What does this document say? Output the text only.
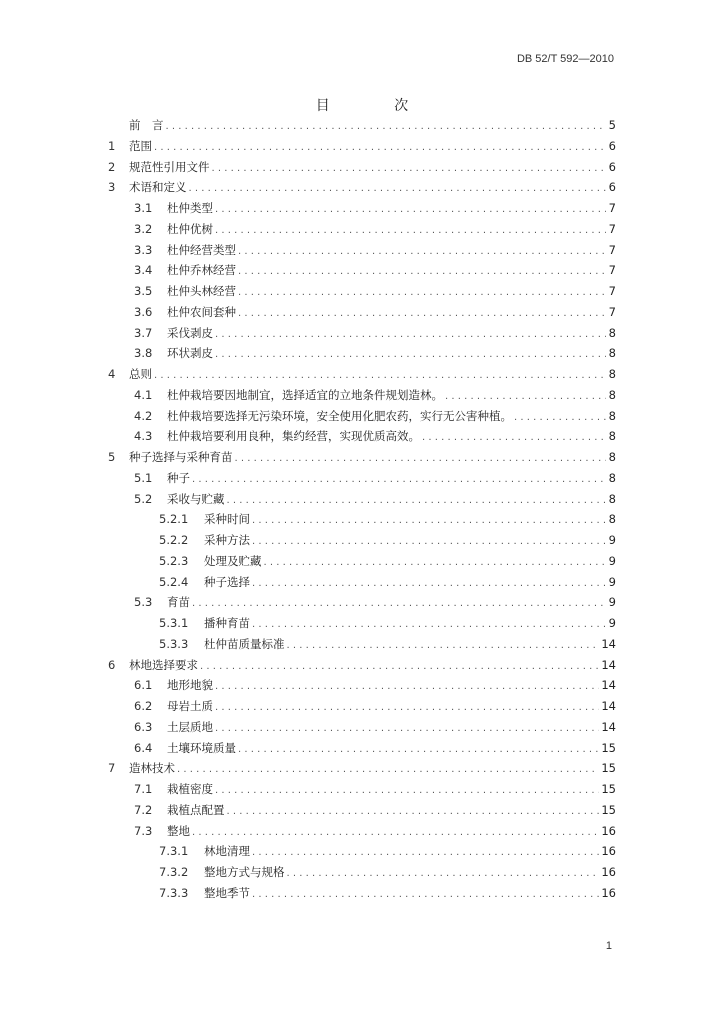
DB 52/T 592—2010
目 次
前　言 .....	5
1	范围 .....	6
2	规范性引用文件 .....	6
3	术语和定义 .....	6
3.1	杜仲类型 .....	7
3.2	杜仲优树 .....	7
3.3	杜仲经营类型 .....	7
3.4	杜仲乔林经营 .....	7
3.5	杜仲头林经营 .....	7
3.6	杜仲农间套种 .....	7
3.7	采伐剥皮 .....	8
3.8	环状剥皮 .....	8
4	总则 .....	8
4.1	杜仲栽培要因地制宜，选择适宜的立地条件规划造林。 .....	8
4.2	杜仲栽培要选择无污染环境，安全使用化肥农药，实行无公害种植。 .....	8
4.3	杜仲栽培要利用良种，集约经营，实现优质高效。 .....	8
5	种子选择与采种育苗 .....	8
5.1	种子 .....	8
5.2	采收与贮藏 .....	8
5.2.1	采种时间 .....	8
5.2.2	采种方法 .....	9
5.2.3	处理及贮藏 .....	9
5.2.4	种子选择 .....	9
5.3	育苗 .....	9
5.3.1	播种育苗 .....	9
5.3.3	杜仲苗质量标准 .....	14
6	林地选择要求 .....	14
6.1	地形地貌 .....	14
6.2	母岩土质 .....	14
6.3	土层质地 .....	14
6.4	土壤环境质量 .....	15
7	造林技术 .....	15
7.1	栽植密度 .....	15
7.2	栽植点配置 .....	15
7.3	整地 .....	16
7.3.1	林地清理 .....	16
7.3.2	整地方式与规格 .....	16
7.3.3	整地季节 .....	16
1
